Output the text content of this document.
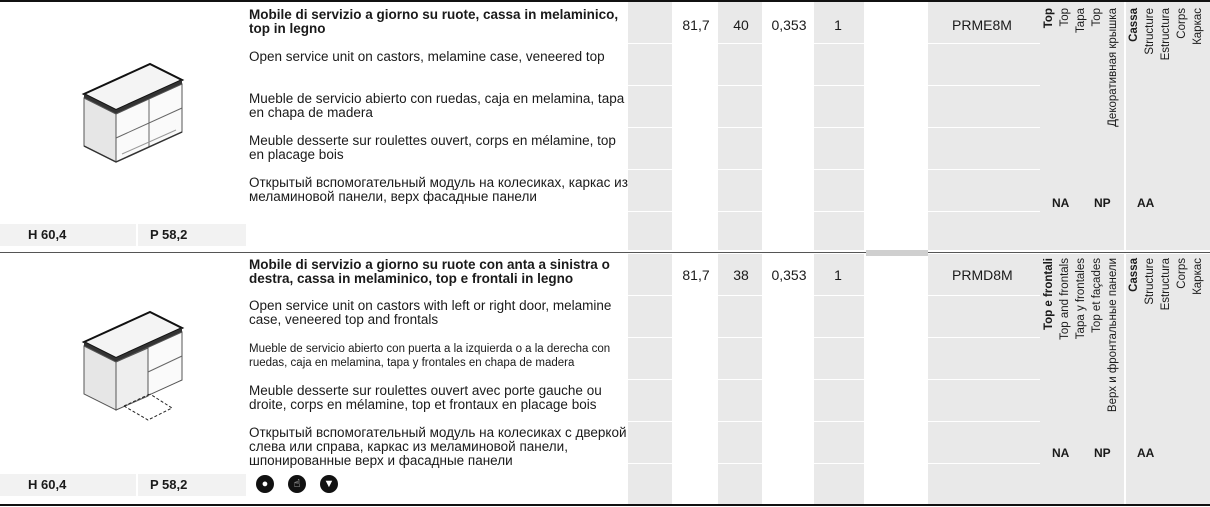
H 60,4	P 58,2
Mobile di servizio a giorno su ruote, cassa in melaminico, top in legno
Open service unit on castors, melamine case, veneered top
Mueble de servicio abierto con ruedas, caja en melamina, tapa en chapa de madera
Meuble desserte sur roulettes ouvert, corps en mélamine, top en placage bois
Открытый вспомогательный модуль на колесиках, каркас из меламиновой панели, верх фасадные панели
81,7	40	0,353	1	PRME8M	Top Top Tapa Top Декоративная крышка Cassa Structure Estructura Corps Каркас
NA NP AA
H 60,4	P 58,2
Mobile di servizio a giorno su ruote con anta a sinistra o destra, cassa in melaminico, top e frontali in legno
Open service unit on castors with left or right door, melamine case, veneered top and frontals
Mueble de servicio abierto con puerta a la izquierda o a la derecha con ruedas, caja en melamina, tapa y frontales en chapa de madera
Meuble desserte sur roulettes ouvert avec porte gauche ou droite, corps en mélamine, top et frontaux en placage bois
Открытый вспомогательный модуль на колесиках с дверкой слева или справа, каркас из меламиновой панели, шпонированные верх и фасадные панели
●	☝	▼
81,7	38	0,353	1	PRMD8M	Top e frontali Top and frontals Tapa y frontales Top et façades Верх и фронтальные панели Cassa Structure Estructura Corps Каркас
NA NP AA
